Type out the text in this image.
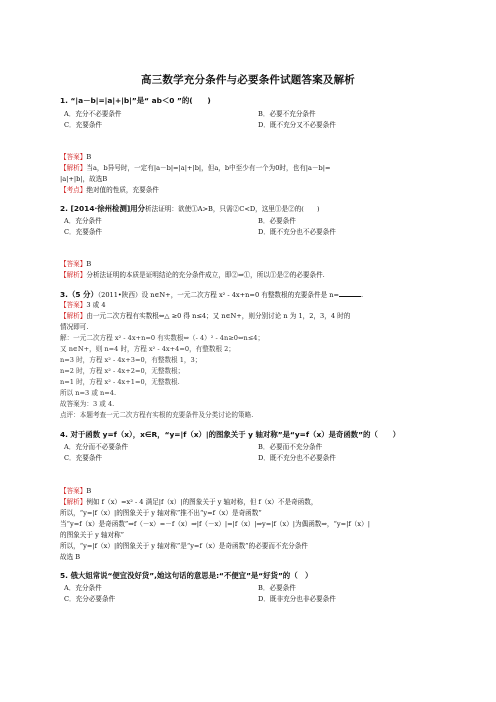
高三数学充分条件与必要条件试题答案及解析
1. “|a－b|=|a|+|b|”是“ ab＜0 ”的(　　)
A．充分不必要条件	B．必要不充分条件
C．充要条件	D．既不充分又不必要条件
【答案】B
【解析】当a，b异号时，一定有|a－b|=|a|+|b|，但a，b中至少有一个为0时，也有|a－b|=
|a|+|b|，故选B
【考点】绝对值的性质，充要条件
2. [2014·徐州检测]用分析法证明：欲使①A>B，只需②C<D，这里①是②的(　　)
A．充分条件	B．必要条件
C．充要条件	D．既不充分也不必要条件
【答案】B
【解析】分析法证明的本质是证明结论的充分条件成立，即②⇒①，所以①是②的必要条件.
3.（5 分）（2011•陕西）设 n∈N+，一元二次方程 x² - 4x+n=0 有整数根的充要条件是 n=	.
【答案】3 或 4
【解析】由一元二次方程有实数根⇔△ ≥0 得 n≤4；又 n∈N+，则分别讨论 n 为 1，2，3，4 时的
情况即可.
解：一元二次方程 x² - 4x+n=0 有实数根⇔（- 4）² - 4n≥0⇔n≤4；
又 n∈N+，则 n=4 时，方程 x² - 4x+4=0，有整数根 2；
n=3 时，方程 x² - 4x+3=0，有整数根 1，3；
n=2 时，方程 x² - 4x+2=0，无整数根；
n=1 时，方程 x² - 4x+1=0，无整数根.
所以 n=3 或 n=4.
故答案为：3 或 4.
点评：本题考查一元二次方程有实根的充要条件及分类讨论的策略.
4. 对于函数 y=f（x），x∈R，“y=|f（x）|的图象关于 y 轴对称”是“y=f（x）是奇函数”的（　　）
A．充分而不必要条件	B．必要而不充分条件
C．充要条件	D．既不充分也不必要条件
【答案】B
【解析】例如 f（x）=x² - 4 满足|f（x）|的图象关于 y 轴对称，但 f（x）不是奇函数，
所以，“y=|f（x）|的图象关于 y 轴对称”推不出“y=f（x）是奇函数”
当“y=f（x）是奇函数”⇒f（－x）=－f（x）⇒|f（－x）|=|f（x）|⇒y=|f（x）|为偶函数⇒，“y=|f（x）|
的图象关于 y 轴对称”
所以，“y=|f（x）|的图象关于 y 轴对称”是“y=f（x）是奇函数”的必要而不充分条件
故选 B
5. 俄大姐常说“便宜没好货”,她这句话的意思是:“不便宜”是“好货”的（　）
A．充分条件	B．必要条件
C．充分必要条件	D．既非充分也非必要条件
